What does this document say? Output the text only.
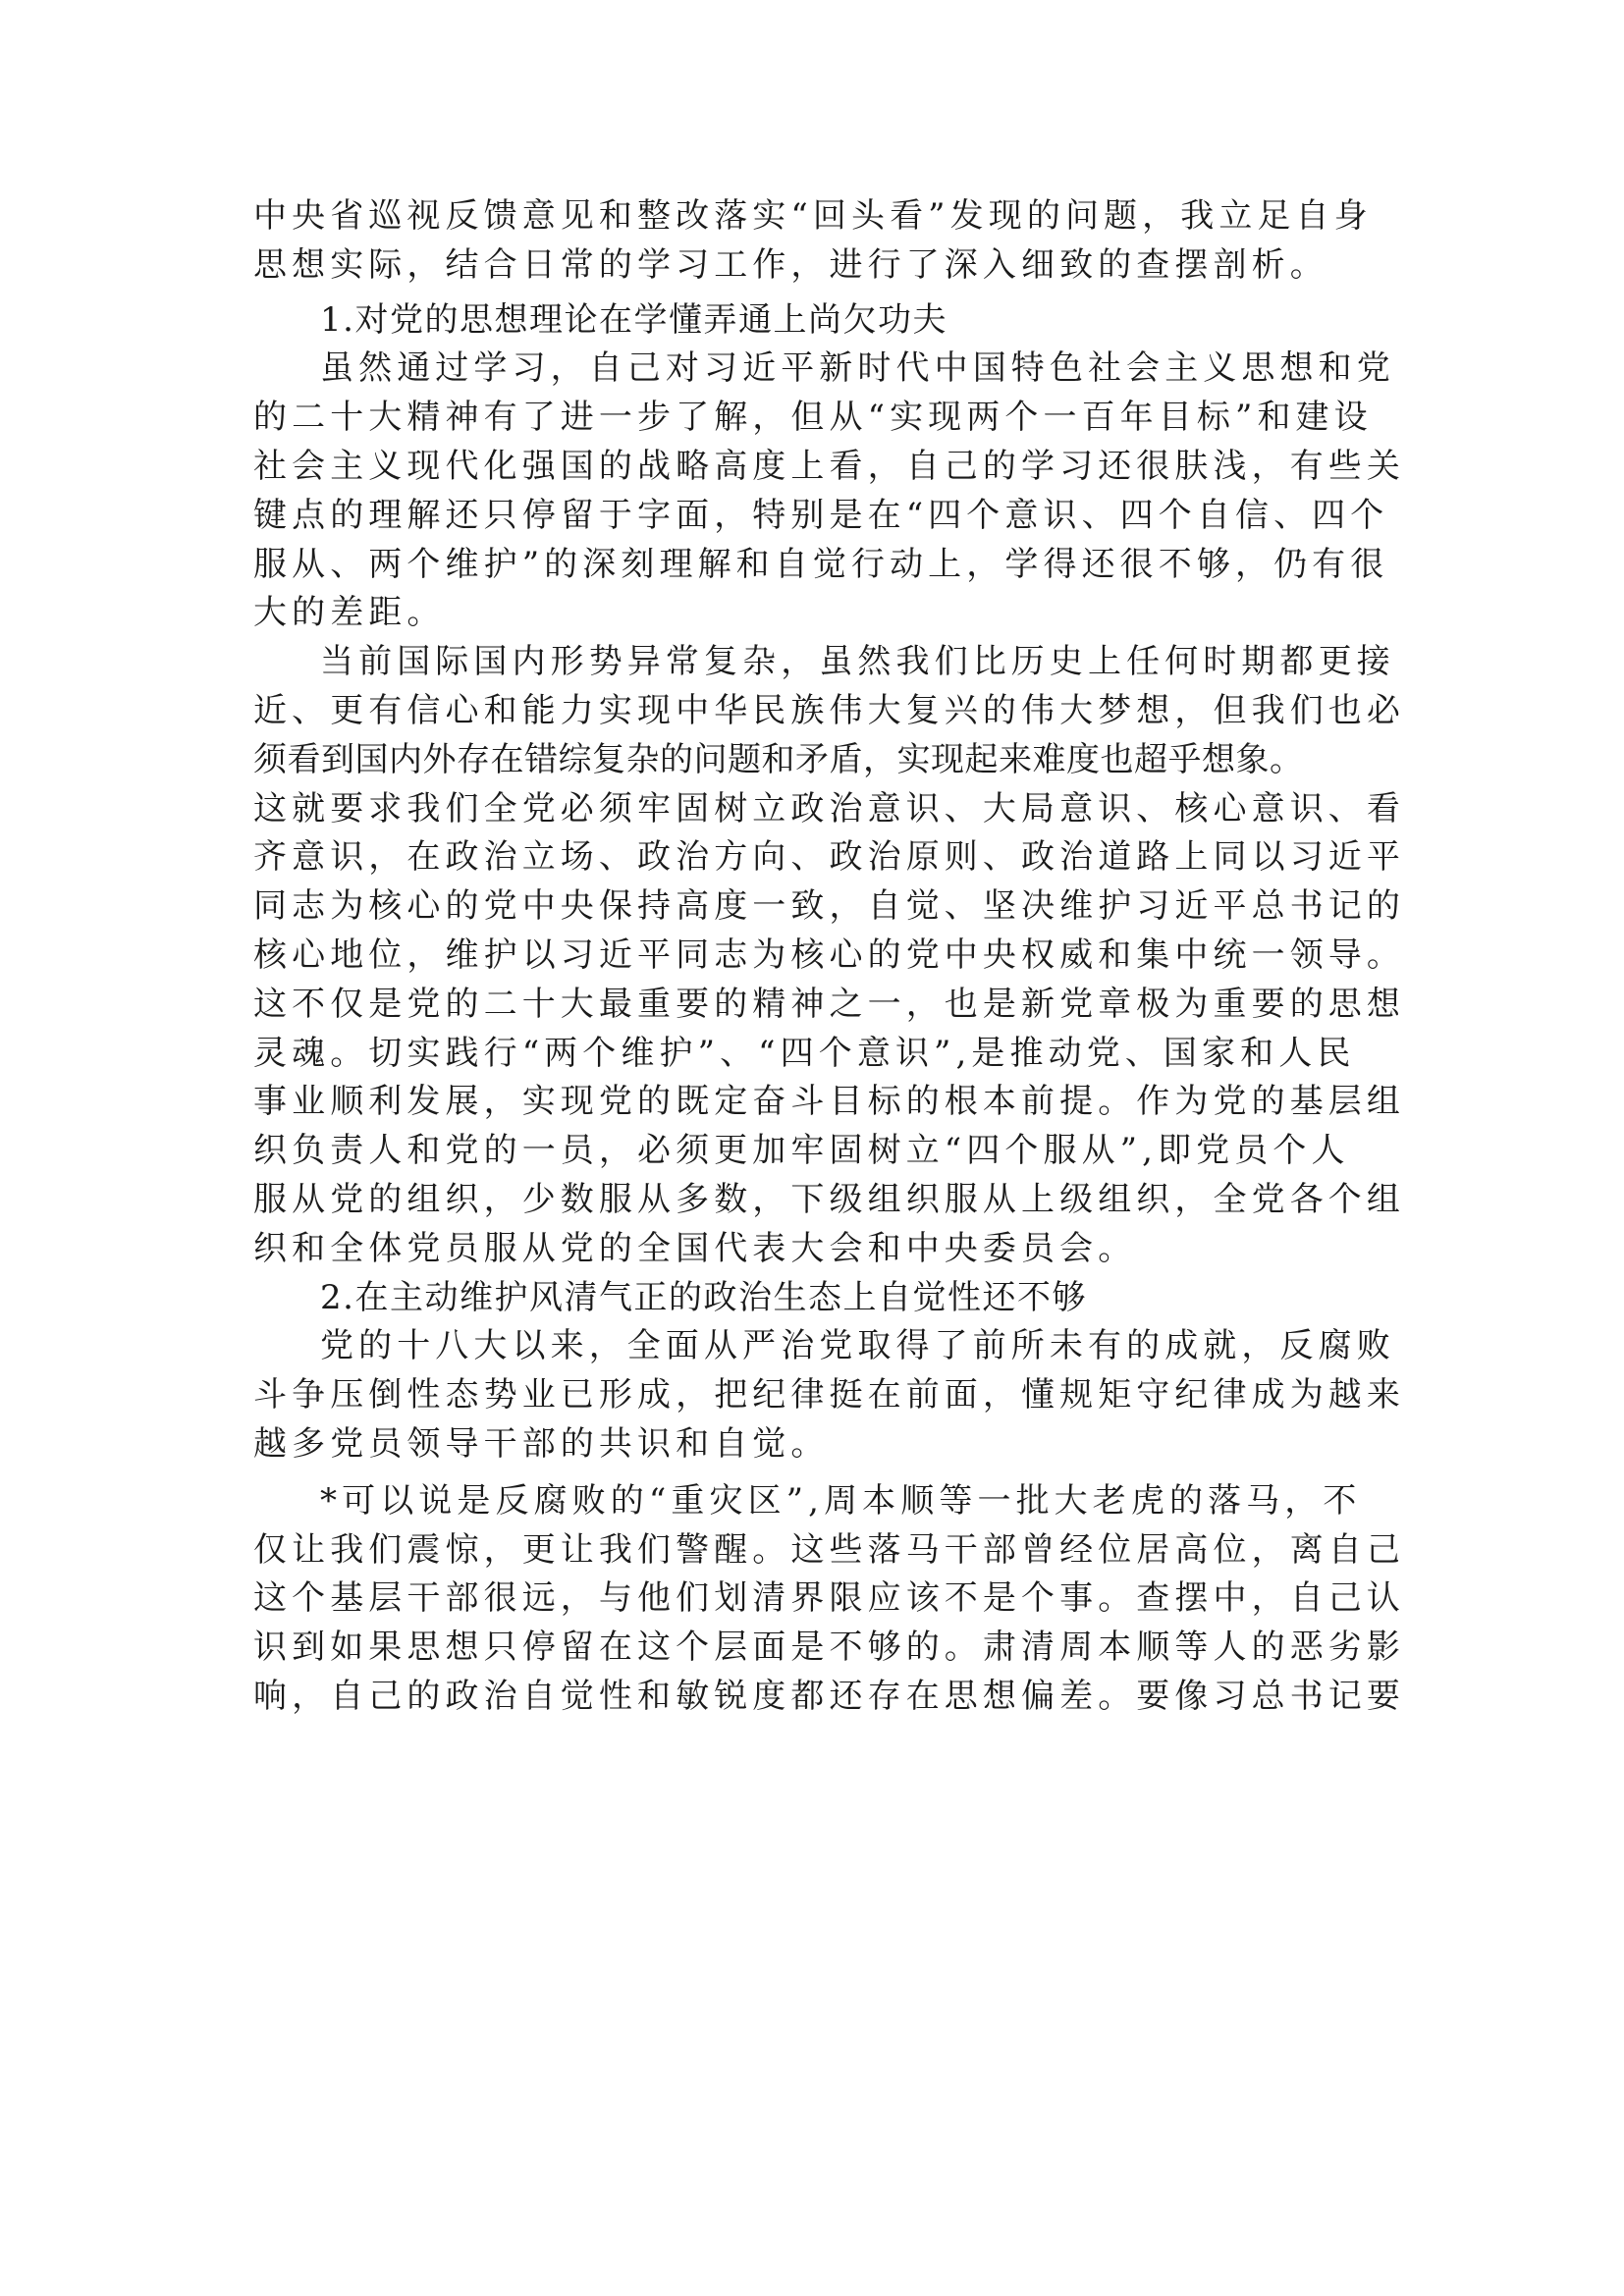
中央省巡视反馈意见和整改落实“回头看”发现的问题，我立足自身

思想实际，结合日常的学习工作，进行了深入细致的查摆剖析。

1.对党的思想理论在学懂弄通上尚欠功夫

虽然通过学习，自己对习近平新时代中国特色社会主义思想和党

的二十大精神有了进一步了解，但从“实现两个一百年目标”和建设

社会主义现代化强国的战略高度上看，自己的学习还很肤浅，有些关

键点的理解还只停留于字面，特别是在“四个意识、四个自信、四个

服从、两个维护”的深刻理解和自觉行动上，学得还很不够，仍有很

大的差距。

当前国际国内形势异常复杂，虽然我们比历史上任何时期都更接

近、更有信心和能力实现中华民族伟大复兴的伟大梦想，但我们也必

须看到国内外存在错综复杂的问题和矛盾，实现起来难度也超乎想象。

这就要求我们全党必须牢固树立政治意识、大局意识、核心意识、看

齐意识，在政治立场、政治方向、政治原则、政治道路上同以习近平

同志为核心的党中央保持高度一致，自觉、坚决维护习近平总书记的

核心地位，维护以习近平同志为核心的党中央权威和集中统一领导。

这不仅是党的二十大最重要的精神之一，也是新党章极为重要的思想

灵魂。切实践行“两个维护”、“四个意识”,是推动党、国家和人民

事业顺利发展，实现党的既定奋斗目标的根本前提。作为党的基层组

织负责人和党的一员，必须更加牢固树立“四个服从”,即党员个人

服从党的组织，少数服从多数，下级组织服从上级组织，全党各个组

织和全体党员服从党的全国代表大会和中央委员会。

2.在主动维护风清气正的政治生态上自觉性还不够

党的十八大以来，全面从严治党取得了前所未有的成就，反腐败

斗争压倒性态势业已形成，把纪律挺在前面，懂规矩守纪律成为越来

越多党员领导干部的共识和自觉。

*可以说是反腐败的“重灾区”,周本顺等一批大老虎的落马，不

仅让我们震惊，更让我们警醒。这些落马干部曾经位居高位，离自己

这个基层干部很远，与他们划清界限应该不是个事。查摆中，自己认

识到如果思想只停留在这个层面是不够的。肃清周本顺等人的恶劣影

响，自己的政治自觉性和敏锐度都还存在思想偏差。要像习总书记要
